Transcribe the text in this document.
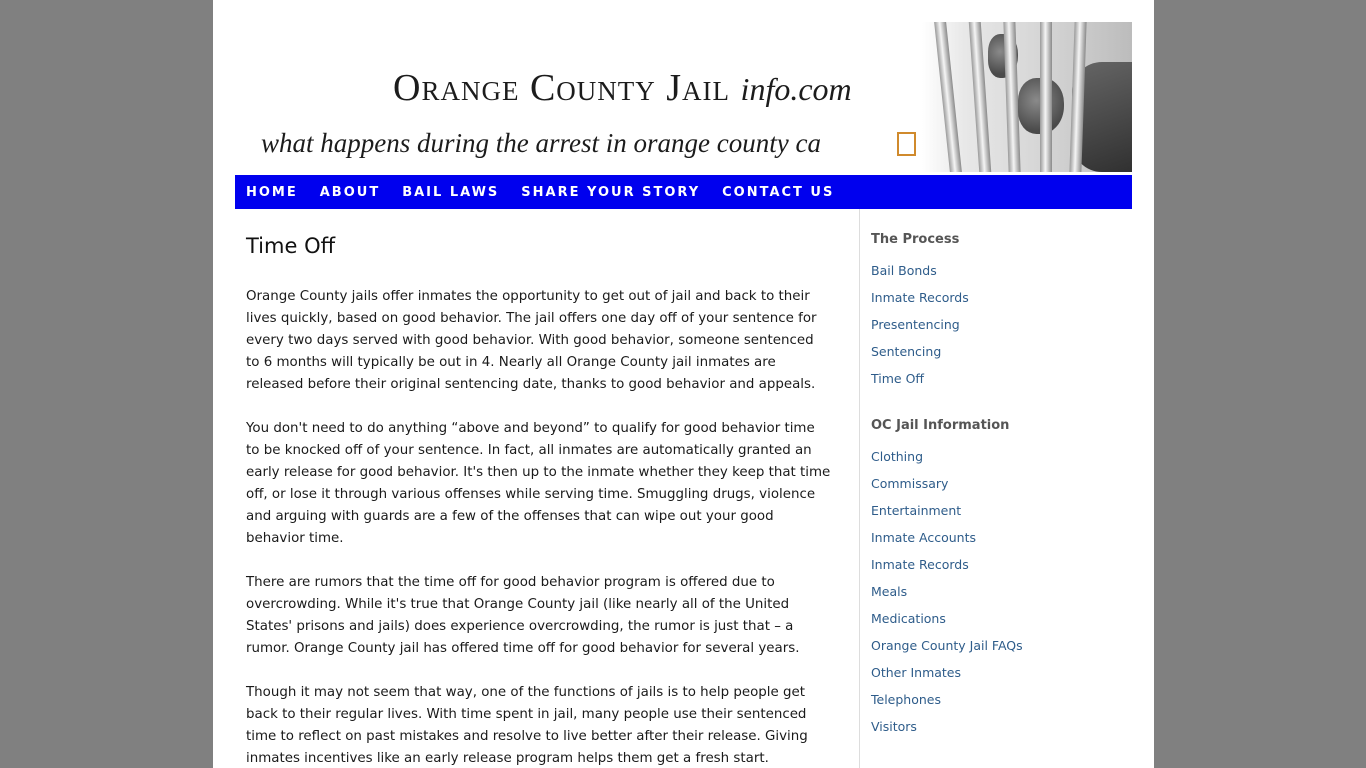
Orange County Jail info.com
what happens during the arrest in orange county ca
HOME ABOUT BAIL LAWS SHARE YOUR STORY CONTACT US
Time Off

Orange County jails offer inmates the opportunity to get out of jail and back to their lives quickly, based on good behavior. The jail offers one day off of your sentence for every two days served with good behavior. With good behavior, someone sentenced to 6 months will typically be out in 4. Nearly all Orange County jail inmates are released before their original sentencing date, thanks to good behavior and appeals.

You don't need to do anything “above and beyond” to qualify for good behavior time to be knocked off of your sentence. In fact, all inmates are automatically granted an early release for good behavior. It's then up to the inmate whether they keep that time off, or lose it through various offenses while serving time. Smuggling drugs, violence and arguing with guards are a few of the offenses that can wipe out your good behavior time.

There are rumors that the time off for good behavior program is offered due to overcrowding. While it's true that Orange County jail (like nearly all of the United States' prisons and jails) does experience overcrowding, the rumor is just that – a rumor. Orange County jail has offered time off for good behavior for several years.

Though it may not seem that way, one of the functions of jails is to help people get back to their regular lives. With time spent in jail, many people use their sentenced time to reflect on past mistakes and resolve to live better after their release. Giving inmates incentives like an early release program helps them get a fresh start.

The Process
Bail Bonds
Inmate Records
Presentencing
Sentencing
Time Off
OC Jail Information
Clothing
Commissary
Entertainment
Inmate Accounts
Inmate Records
Meals
Medications
Orange County Jail FAQs
Other Inmates
Telephones
Visitors
